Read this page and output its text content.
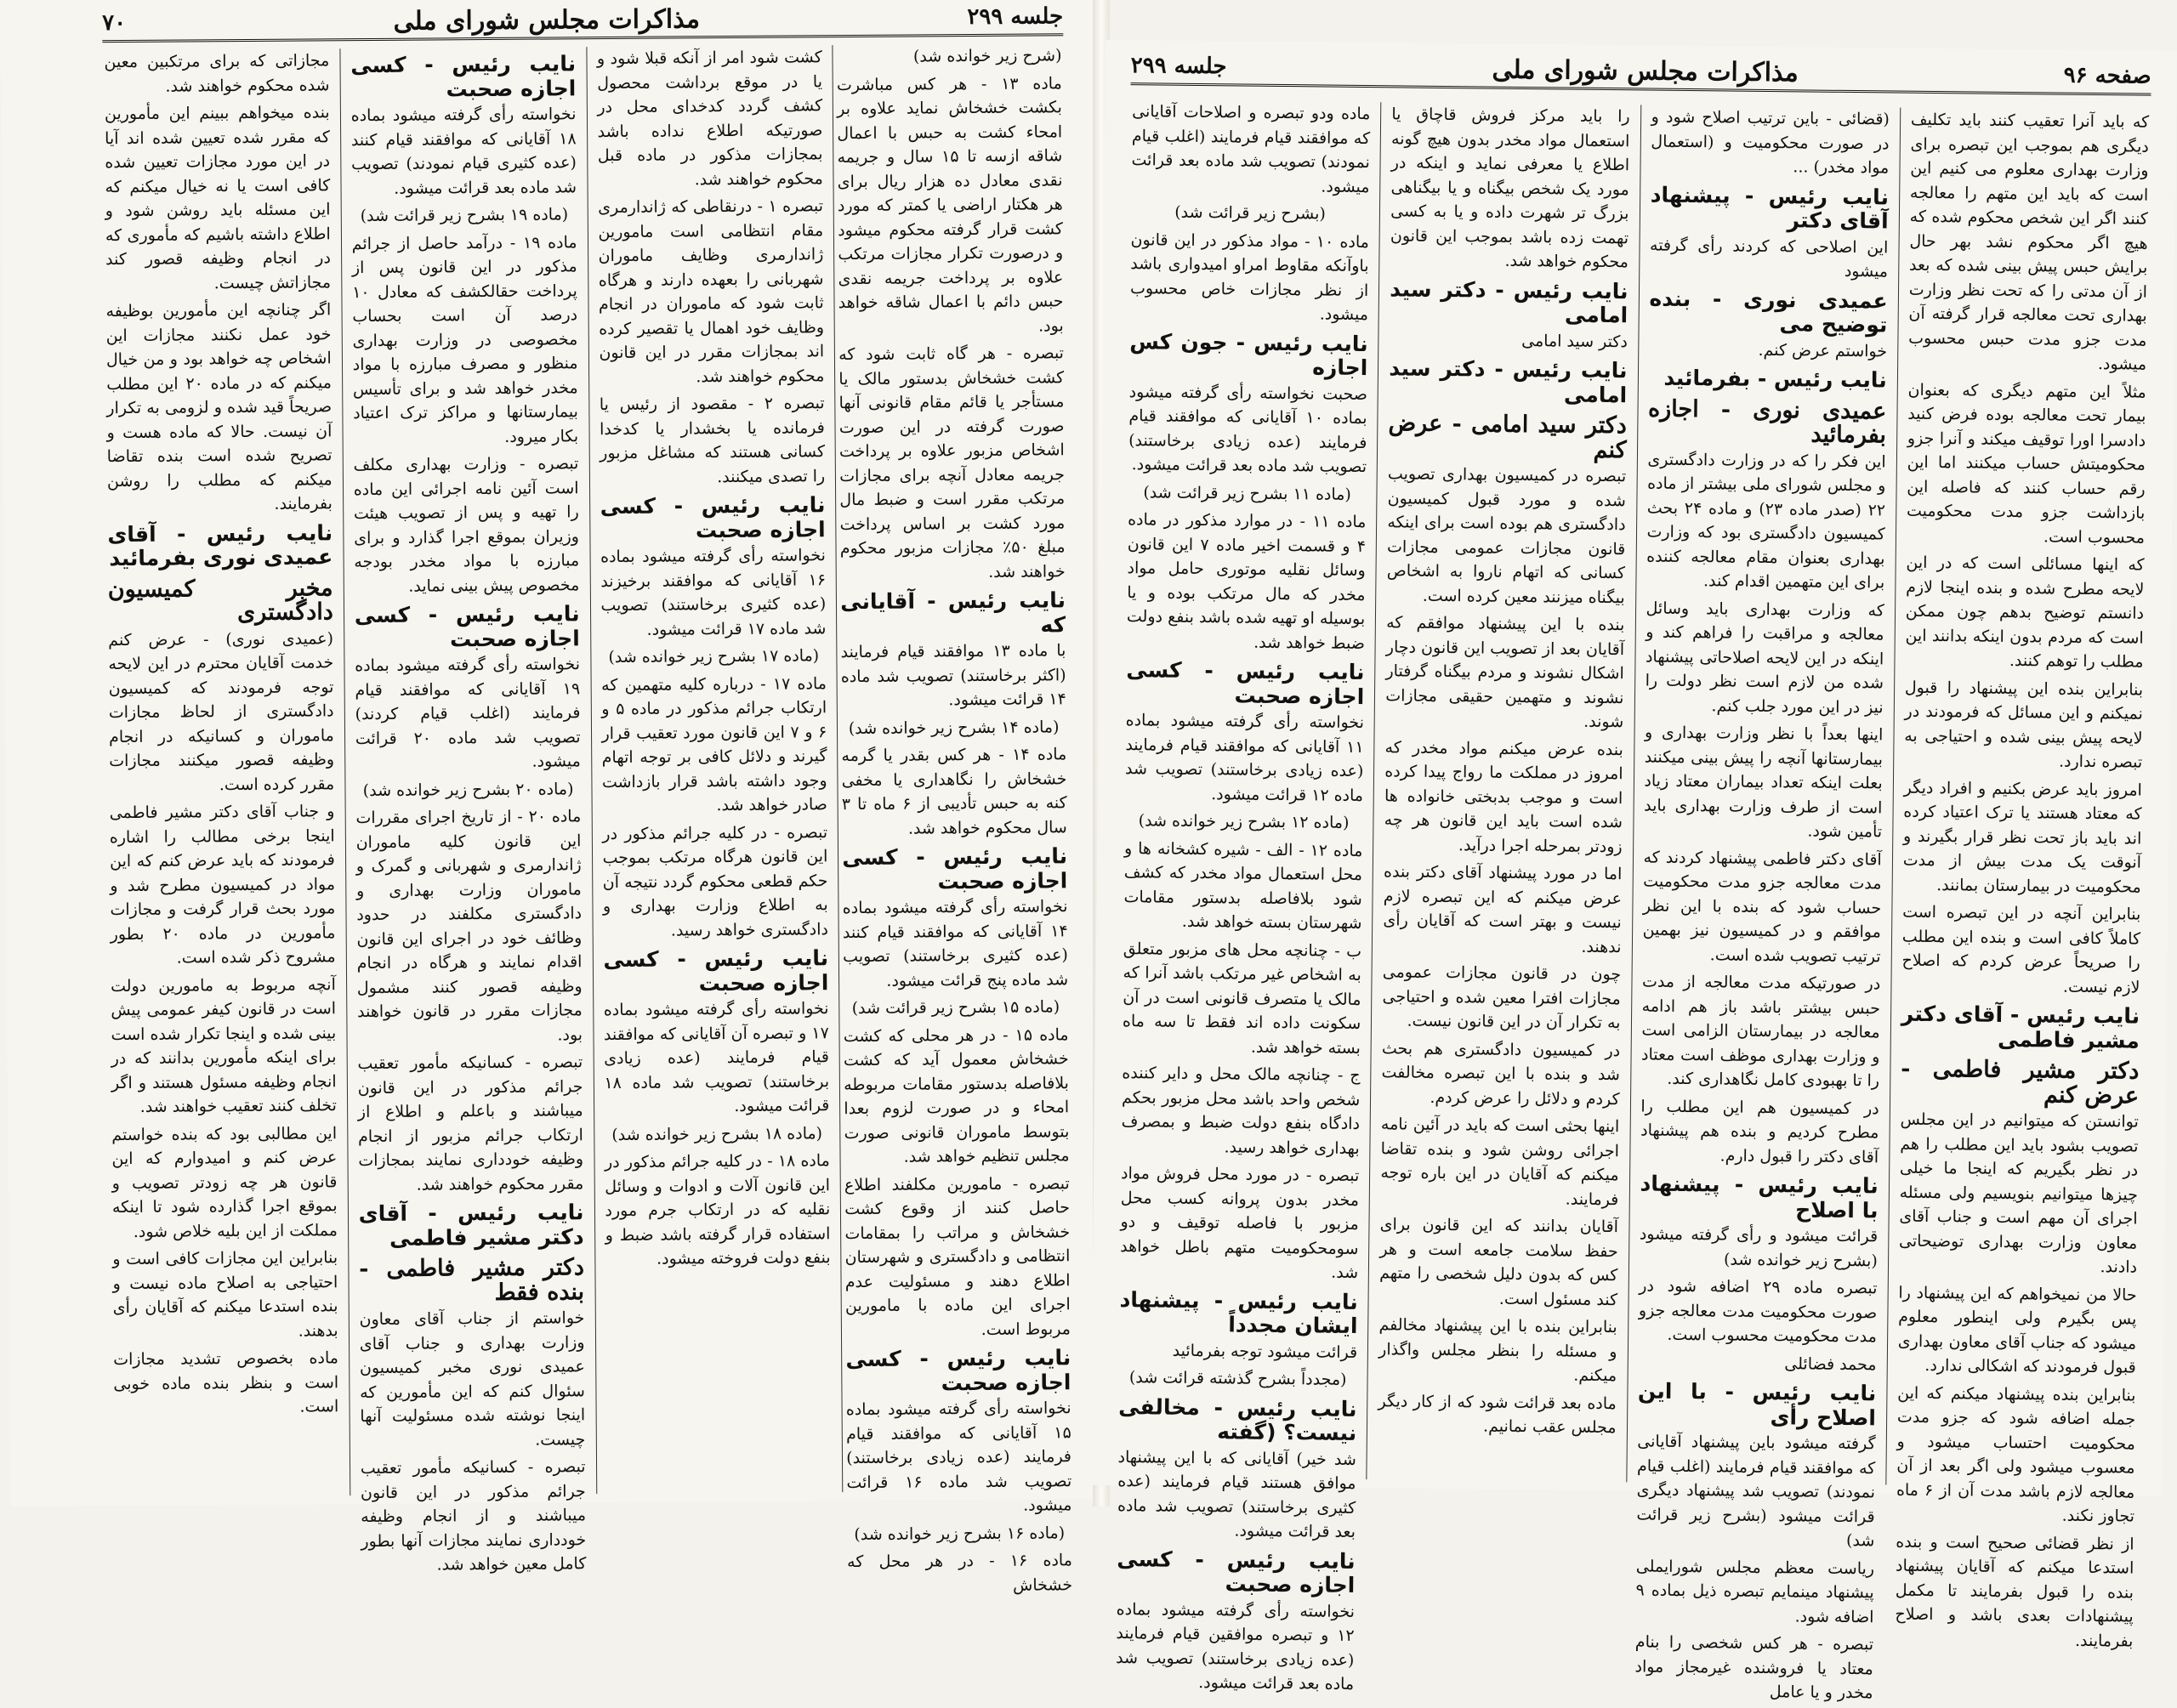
جلسه ۲۹۹
مذاکرات مجلس شورای ملی
۷۰

(شرح زیر خوانده شد)

ماده ۱۳ - هر کس مباشرت بکشت خشخاش نماید علاوه بر امحاء کشت به حبس با اعمال شاقه ازسه تا ۱۵ سال و جریمه نقدی معادل ده هزار ریال برای هر هکتار اراضی یا کمتر که مورد کشت قرار گرفته محکوم میشود و درصورت تکرار مجازات مرتکب علاوه بر پرداخت جریمه نقدی حبس دائم با اعمال شاقه خواهد بود.

تبصره - هر گاه ثابت شود که کشت خشخاش بدستور مالک یا مستأجر یا قائم مقام قانونی آنها صورت گرفته در این صورت اشخاص مزبور علاوه بر پرداخت جریمه معادل آنچه برای مجازات مرتکب مقرر است و ضبط مال مورد کشت بر اساس پرداخت مبلغ ۵۰٪ مجازات مزبور محکوم خواهند شد.

نایب رئیس - آقایانی که

با ماده ۱۳ موافقند قیام فرمایند (اکثر برخاستند) تصویب شد ماده ۱۴ قرائت میشود.

(ماده ۱۴ بشرح زیر خوانده شد)

ماده ۱۴ - هر کس بقدر یا گرمه خشخاش را نگاهداری یا مخفی کنه به حبس تأدیبی از ۶ ماه تا ۳ سال محکوم خواهد شد.

نایب رئیس - کسی اجازه صحبت

نخواسته رأی گرفته میشود بماده ۱۴ آقایانی که موافقند قیام کنند (عده کثیری برخاستند) تصویب شد ماده پنج قرائت میشود.

(ماده ۱۵ بشرح زیر قرائت شد)

ماده ۱۵ - در هر محلی که کشت خشخاش معمول آید که کشت بلافاصله بدستور مقامات مربوطه امحاء و در صورت لزوم بعدا بتوسط ماموران قانونی صورت مجلس تنظیم خواهد شد.

تبصره - مامورین مکلفند اطلاع حاصل کنند از وقوع کشت خشخاش و مراتب را بمقامات انتظامی و دادگستری و شهرستان اطلاع دهند و مسئولیت عدم اجرای این ماده با مامورین مربوط است.

نایب رئیس - کسی اجازه صحبت

نخواسته رأی گرفته میشود بماده ۱۵ آقایانی که موافقند قیام فرمایند (عده زیادی برخاستند) تصویب شد ماده ۱۶ قرائت میشود.

(ماده ۱۶ بشرح زیر خوانده شد)

ماده ۱۶ - در هر محل که خشخاش

کشت شود امر از آنکه قبلا شود و یا در موقع برداشت محصول کشف گردد کدخدای محل در صورتیکه اطلاع نداده باشد بمجازات مذکور در ماده قبل محکوم خواهند شد.

تبصره ۱ - درنقاطی که ژاندارمری مقام انتظامی است مامورین ژاندارمری وظایف ماموران شهربانی را بعهده دارند و هرگاه ثابت شود که ماموران در انجام وظایف خود اهمال یا تقصیر کرده اند بمجازات مقرر در این قانون محکوم خواهند شد.

تبصره ۲ - مقصود از رئیس یا فرمانده یا بخشدار یا کدخدا کسانی هستند که مشاغل مزبور را تصدی میکنند.

نایب رئیس - کسی اجازه صحبت

نخواسته رأی گرفته میشود بماده ۱۶ آقایانی که موافقند برخیزند (عده کثیری برخاستند) تصویب شد ماده ۱۷ قرائت میشود.

(ماده ۱۷ بشرح زیر خوانده شد)

ماده ۱۷ - درباره کلیه متهمین که ارتکاب جرائم مذکور در ماده ۵ و ۶ و ۷ این قانون مورد تعقیب قرار گیرند و دلائل کافی بر توجه اتهام وجود داشته باشد قرار بازداشت صادر خواهد شد.

تبصره - در کلیه جرائم مذکور در این قانون هرگاه مرتکب بموجب حکم قطعی محکوم گردد نتیجه آن به اطلاع وزارت بهداری و دادگستری خواهد رسید.

نایب رئیس - کسی اجازه صحبت

نخواسته رأی گرفته میشود بماده ۱۷ و تبصره آن آقایانی که موافقند قیام فرمایند (عده زیادی برخاستند) تصویب شد ماده ۱۸ قرائت میشود.

(ماده ۱۸ بشرح زیر خوانده شد)

ماده ۱۸ - در کلیه جرائم مذکور در این قانون آلات و ادوات و وسائل نقلیه که در ارتکاب جرم مورد استفاده قرار گرفته باشد ضبط و بنفع دولت فروخته میشود.

نایب رئیس - کسی اجازه صحبت

نخواسته رأی گرفته میشود بماده ۱۸ آقایانی که موافقند قیام کنند (عده کثیری قیام نمودند) تصویب شد ماده بعد قرائت میشود.

(ماده ۱۹ بشرح زیر قرائت شد)

ماده ۱۹ - درآمد حاصل از جرائم مذکور در این قانون پس از پرداخت حقالکشف که معادل ۱۰ درصد آن است بحساب مخصوصی در وزارت بهداری منظور و مصرف مبارزه با مواد مخدر خواهد شد و برای تأسیس بیمارستانها و مراکز ترک اعتیاد بکار میرود.

تبصره - وزارت بهداری مکلف است آئین نامه اجرائی این ماده را تهیه و پس از تصویب هیئت وزیران بموقع اجرا گذارد و برای مبارزه با مواد مخدر بودجه مخصوص پیش بینی نماید.

نایب رئیس - کسی اجازه صحبت

نخواسته رأی گرفته میشود بماده ۱۹ آقایانی که موافقند قیام فرمایند (اغلب قیام کردند) تصویب شد ماده ۲۰ قرائت میشود.

(ماده ۲۰ بشرح زیر خوانده شد)

ماده ۲۰ - از تاریخ اجرای مقررات این قانون کلیه ماموران ژاندارمری و شهربانی و گمرک و ماموران وزارت بهداری و دادگستری مکلفند در حدود وظائف خود در اجرای این قانون اقدام نمایند و هرگاه در انجام وظیفه قصور کنند مشمول مجازات مقرر در قانون خواهند بود.

تبصره - کسانیکه مأمور تعقیب جرائم مذکور در این قانون میباشند و باعلم و اطلاع از ارتکاب جرائم مزبور از انجام وظیفه خودداری نمایند بمجازات مقرر محکوم خواهند شد.

نایب رئیس - آقای دکتر مشیر فاطمی

دکتر مشیر فاطمی - بنده فقط

خواستم از جناب آقای معاون وزارت بهداری و جناب آقای عمیدی نوری مخبر کمیسیون سئوال کنم که این مأمورین که اینجا نوشته شده مسئولیت آنها چیست.

تبصره - کسانیکه مأمور تعقیب جرائم مذکور در این قانون میباشند و از انجام وظیفه خودداری نمایند مجازات آنها بطور کامل معین خواهد شد.

مجازاتی که برای مرتکبین معین شده محکوم خواهند شد.

بنده میخواهم ببینم این مأمورین که مقرر شده تعیین شده اند آیا در این مورد مجازات تعیین شده کافی است یا نه خیال میکنم که این مسئله باید روشن شود و اطلاع داشته باشیم که مأموری که در انجام وظیفه قصور کند مجازاتش چیست.

اگر چنانچه این مأمورین بوظیفه خود عمل نکنند مجازات این اشخاص چه خواهد بود و من خیال میکنم که در ماده ۲۰ این مطلب صریحاً قید شده و لزومی به تکرار آن نیست. حالا که ماده هست و تصریح شده است بنده تقاضا میکنم که مطلب را روشن بفرمایند.

نایب رئیس - آقای عمیدی نوری بفرمائید

مخبر کمیسیون دادگستری

(عمیدی نوری) - عرض کنم خدمت آقایان محترم در این لایحه توجه فرمودند که کمیسیون دادگستری از لحاظ مجازات ماموران و کسانیکه در انجام وظیفه قصور میکنند مجازات مقرر کرده است.

و جناب آقای دکتر مشیر فاطمی اینجا برخی مطالب را اشاره فرمودند که باید عرض کنم که این مواد در کمیسیون مطرح شد و مورد بحث قرار گرفت و مجازات مأمورین در ماده ۲۰ بطور مشروح ذکر شده است.

آنچه مربوط به مامورین دولت است در قانون کیفر عمومی پیش بینی شده و اینجا تکرار شده است برای اینکه مأمورین بدانند که در انجام وظیفه مسئول هستند و اگر تخلف کنند تعقیب خواهند شد.

این مطالبی بود که بنده خواستم عرض کنم و امیدوارم که این قانون هر چه زودتر تصویب و بموقع اجرا گذارده شود تا اینکه مملکت از این بلیه خلاص شود.

بنابراین این مجازات کافی است و احتیاجی به اصلاح ماده نیست و بنده استدعا میکنم که آقایان رأی بدهند.

ماده بخصوص تشدید مجازات است و بنظر بنده ماده خوبی است.

صفحه ۹۶
مذاکرات مجلس شورای ملی
جلسه ۲۹۹

که باید آنرا تعقیب کنند باید تکلیف دیگری هم بموجب این تبصره برای وزارت بهداری معلوم می کنیم این است که باید این متهم را معالجه کنند اگر این شخص محکوم شده که هیچ اگر محکوم نشد بهر حال برایش حبس پیش بینی شده که بعد از آن مدتی را که تحت نظر وزارت بهداری تحت معالجه قرار گرفته آن مدت جزو مدت حبس محسوب میشود.

مثلاً این متهم دیگری که بعنوان بیمار تحت معالجه بوده فرض کنید دادسرا اورا توقیف میکند و آنرا جزو محکومیتش حساب میکنند اما این رقم حساب کنند که فاصله این بازداشت جزو مدت محکومیت محسوب است.

که اینها مسائلی است که در این لایحه مطرح شده و بنده اینجا لازم دانستم توضیح بدهم چون ممکن است که مردم بدون اینکه بدانند این مطلب را توهم کنند.

بنابراین بنده این پیشنهاد را قبول نمیکنم و این مسائل که فرمودند در لایحه پیش بینی شده و احتیاجی به تبصره ندارد.

امروز باید عرض بکنیم و افراد دیگر که معتاد هستند یا ترک اعتیاد کرده اند باید باز تحت نظر قرار بگیرند و آنوقت یک مدت بیش از مدت محکومیت در بیمارستان بمانند.

بنابراین آنچه در این تبصره است کاملاً کافی است و بنده این مطلب را صریحاً عرض کردم که اصلاح لازم نیست.

نایب رئیس - آقای دکتر مشیر فاطمی

دکتر مشیر فاطمی - عرض کنم

توانستن که میتوانیم در این مجلس تصویب بشود باید این مطلب را هم در نظر بگیریم که اینجا ما خیلی چیزها میتوانیم بنویسیم ولی مسئله اجرای آن مهم است و جناب آقای معاون وزارت بهداری توضیحاتی دادند.

حالا من نمیخواهم که این پیشنهاد را پس بگیرم ولی اینطور معلوم میشود که جناب آقای معاون بهداری قبول فرمودند که اشکالی ندارد.

بنابراین بنده پیشنهاد میکنم که این جمله اضافه شود که جزو مدت محکومیت احتساب میشود و معسوب میشود ولی اگر بعد از آن معالجه لازم باشد مدت آن از ۶ ماه تجاوز نکند.

از نظر قضائی صحیح است و بنده استدعا میکنم که آقایان پیشنهاد بنده را قبول بفرمایند تا مکمل پیشنهادات بعدی باشد و اصلاح بفرمایند.

(قضائی - باین ترتیب اصلاح شود و در صورت محکومیت و (استعمال مواد مخدر) ...

نایب رئیس - پیشنهاد آقای دکتر

این اصلاحی که کردند رأی گرفته میشود

عمیدی نوری - بنده توضیح می

خواستم عرض کنم.

نایب رئیس - بفرمائید

عمیدی نوری - اجازه بفرمائید

این فکر را که در وزارت دادگستری و مجلس شورای ملی بیشتر از ماده ۲۲ (صدر ماده ۲۳) و ماده ۲۴ بحث کمیسیون دادگستری بود که وزارت بهداری بعنوان مقام معالجه کننده برای این متهمین اقدام کند.

که وزارت بهداری باید وسائل معالجه و مراقبت را فراهم کند و اینکه در این لایحه اصلاحاتی پیشنهاد شده من لازم است نظر دولت را نیز در این مورد جلب کنم.

اینها بعداً با نظر وزارت بهداری و بیمارستانها آنچه را پیش بینی میکنند بعلت اینکه تعداد بیماران معتاد زیاد است از طرف وزارت بهداری باید تأمین شود.

آقای دکتر فاطمی پیشنهاد کردند که مدت معالجه جزو مدت محکومیت حساب شود که بنده با این نظر موافقم و در کمیسیون نیز بهمین ترتیب تصویب شده است.

در صورتیکه مدت معالجه از مدت حبس بیشتر باشد باز هم ادامه معالجه در بیمارستان الزامی است و وزارت بهداری موظف است معتاد را تا بهبودی کامل نگاهداری کند.

در کمیسیون هم این مطلب را مطرح کردیم و بنده هم پیشنهاد آقای دکتر را قبول دارم.

نایب رئیس - پیشنهاد با اصلاح

قرائت میشود و رأی گرفته میشود (بشرح زیر خوانده شد)

تبصره ماده ۲۹ اضافه شود در صورت محکومیت مدت معالجه جزو مدت محکومیت محسوب است.

محمد فضائلی

نایب رئیس - با این اصلاح رأی

گرفته میشود باین پیشنهاد آقایانی که موافقند قیام فرمایند (اغلب قیام نمودند) تصویب شد پیشنهاد دیگری قرائت میشود (بشرح زیر قرائت شد)

ریاست معظم مجلس شورایملی پیشنهاد مینمایم تبصره ذیل بماده ۹ اضافه شود.

تبصره - هر کس شخصی را بنام معتاد یا فروشنده غیرمجاز مواد مخدر و یا عامل

را باید مرکز فروش قاچاق یا استعمال مواد مخدر بدون هیچ گونه اطلاع یا معرفی نماید و اینکه در مورد یک شخص بیگناه و یا بیگناهی بزرگ تر شهرت داده و یا به کسی تهمت زده باشد بموجب این قانون محکوم خواهد شد.

نایب رئیس - دکتر سید امامی

دکتر سید امامی

نایب رئیس - دکتر سید امامی

دکتر سید امامی - عرض کنم

تبصره در کمیسیون بهداری تصویب شده و مورد قبول کمیسیون دادگستری هم بوده است برای اینکه قانون مجازات عمومی مجازات کسانی که اتهام ناروا به اشخاص بیگناه میزنند معین کرده است.

بنده با این پیشنهاد موافقم که آقایان بعد از تصویب این قانون دچار اشکال نشوند و مردم بیگناه گرفتار نشوند و متهمین حقیقی مجازات شوند.

بنده عرض میکنم مواد مخدر که امروز در مملکت ما رواج پیدا کرده است و موجب بدبختی خانواده ها شده است باید این قانون هر چه زودتر بمرحله اجرا درآید.

اما در مورد پیشنهاد آقای دکتر بنده عرض میکنم که این تبصره لازم نیست و بهتر است که آقایان رأی ندهند.

چون در قانون مجازات عمومی مجازات افترا معین شده و احتیاجی به تکرار آن در این قانون نیست.

در کمیسیون دادگستری هم بحث شد و بنده با این تبصره مخالفت کردم و دلائل را عرض کردم.

اینها بحثی است که باید در آئین نامه اجرائی روشن شود و بنده تقاضا میکنم که آقایان در این باره توجه فرمایند.

آقایان بدانند که این قانون برای حفظ سلامت جامعه است و هر کس که بدون دلیل شخصی را متهم کند مسئول است.

بنابراین بنده با این پیشنهاد مخالفم و مسئله را بنظر مجلس واگذار میکنم.

ماده بعد قرائت شود که از کار دیگر مجلس عقب نمانیم.

ماده ودو تبصره و اصلاحات آقایانی که موافقند قیام فرمایند (اغلب قیام نمودند) تصویب شد ماده بعد قرائت میشود.

(بشرح زیر قرائت شد)

ماده ۱۰ - مواد مذکور در این قانون باوآنکه مقاوط امراو امیدواری باشد از نظر مجازات خاص محسوب میشود.

نایب رئیس - جون کس اجازه

صحبت نخواسته رأی گرفته میشود بماده ۱۰ آقایانی که موافقند قیام فرمایند (عده زیادی برخاستند) تصویب شد ماده بعد قرائت میشود.

(ماده ۱۱ بشرح زیر قرائت شد)

ماده ۱۱ - در موارد مذکور در ماده ۴ و قسمت اخیر ماده ۷ این قانون وسائل نقلیه موتوری حامل مواد مخدر که مال مرتکب بوده و یا بوسیله او تهیه شده باشد بنفع دولت ضبط خواهد شد.

نایب رئیس - کسی اجازه صحبت

نخواسته رأی گرفته میشود بماده ۱۱ آقایانی که موافقند قیام فرمایند (عده زیادی برخاستند) تصویب شد ماده ۱۲ قرائت میشود.

(ماده ۱۲ بشرح زیر خوانده شد)

ماده ۱۲ - الف - شیره کشخانه ها و محل استعمال مواد مخدر که کشف شود بلافاصله بدستور مقامات شهرستان بسته خواهد شد.

ب - چنانچه محل های مزبور متعلق به اشخاص غیر مرتکب باشد آنرا که مالک یا متصرف قانونی است در آن سکونت داده اند فقط تا سه ماه بسته خواهد شد.

ج - چنانچه مالک محل و دایر کننده شخص واحد باشد محل مزبور بحکم دادگاه بنفع دولت ضبط و بمصرف بهداری خواهد رسید.

تبصره - در مورد محل فروش مواد مخدر بدون پروانه کسب محل مزبور با فاصله توقیف و دو سومحکومیت متهم باطل خواهد شد.

نایب رئیس - پیشنهاد ایشان مجدداً

قرائت میشود توجه بفرمائید

(مجدداً بشرح گذشته قرائت شد)

نایب رئیس - مخالفی نیست؟ (گفته

شد خیر) آقایانی که با این پیشنهاد موافق هستند قیام فرمایند (عده کثیری برخاستند) تصویب شد ماده بعد قرائت میشود.

نایب رئیس - کسی اجازه صحبت

نخواسته رأی گرفته میشود بماده ۱۲ و تبصره موافقین قیام فرمایند (عده زیادی برخاستند) تصویب شد ماده بعد قرائت میشود.
